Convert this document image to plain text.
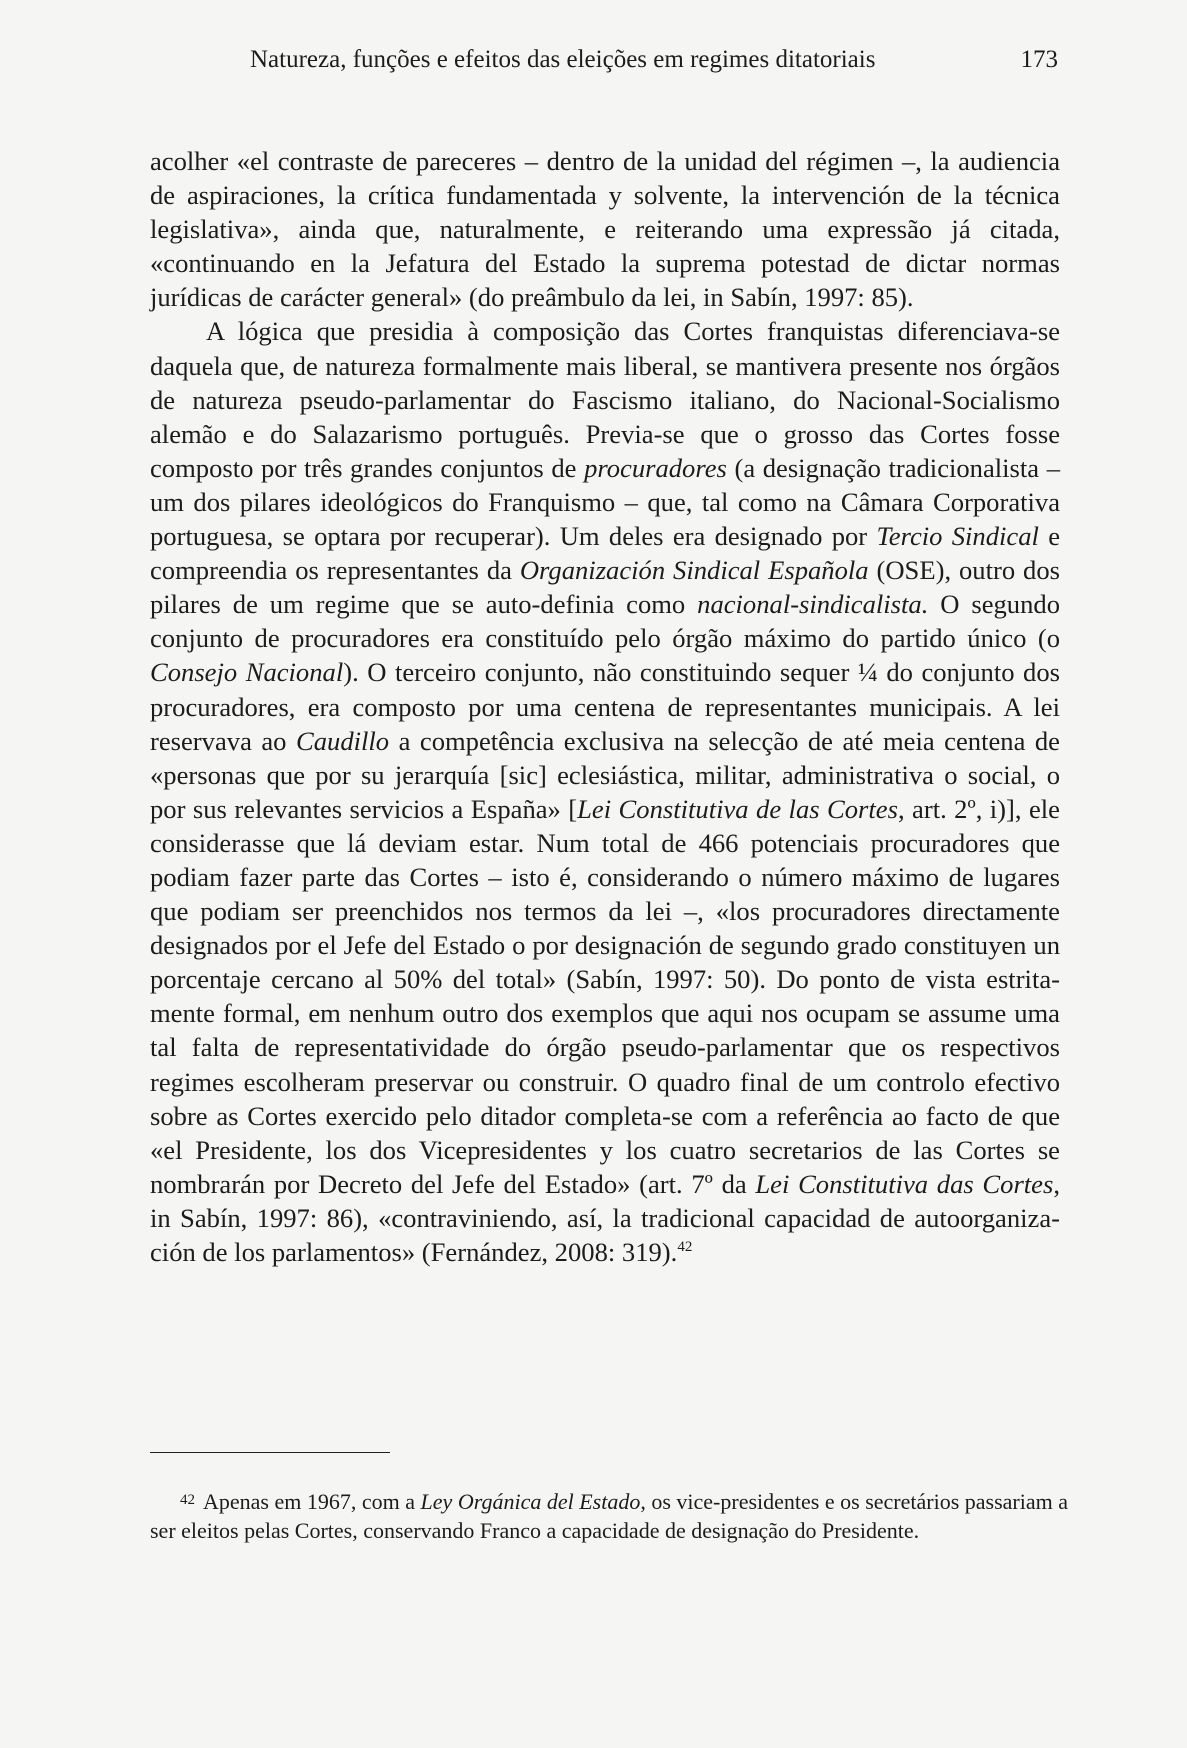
Natureza, funções e efeitos das eleições em regimes ditatoriais	173

acolher «el contraste de pareceres – dentro de la unidad del régimen –, la audiencia de aspiraciones, la crítica fundamentada y solvente, la intervención de la técnica legislativa», ainda que, naturalmente, e reiterando uma expressão já citada, «continuando en la Jefatura del Estado la suprema potestad de dictar normas jurídicas de carácter general» (do preâmbulo da lei, in Sabín, 1997: 85).

A lógica que presidia à composição das Cortes franquistas diferenciava-se daquela que, de natureza formalmente mais liberal, se mantivera presente nos órgãos de natureza pseudo-parlamentar do Fascismo italiano, do Nacional-Socialismo alemão e do Salazarismo português. Previa-se que o grosso das Cortes fosse composto por três grandes conjuntos de procuradores (a designação tradicionalista – um dos pilares ideológicos do Franquismo – que, tal como na Câmara Corporativa portuguesa, se optara por recuperar). Um deles era designado por Tercio Sindical e compreendia os representantes da Organización Sindical Española (OSE), outro dos pilares de um regime que se auto-definia como nacional-sindicalista. O segundo conjunto de procuradores era constituído pelo órgão máximo do partido único (o Consejo Nacional). O terceiro conjunto, não constituindo sequer ¼ do conjunto dos procuradores, era composto por uma centena de representantes municipais. A lei reservava ao Caudillo a competência exclusiva na selecção de até meia centena de «personas que por su jerarquía [sic] eclesiástica, militar, administrativa o social, o por sus relevantes servicios a España» [Lei Constitutiva de las Cortes, art. 2º, i)], ele considerasse que lá deviam estar. Num total de 466 potenciais procuradores que podiam fazer parte das Cortes – isto é, considerando o número máximo de lugares que podiam ser preenchidos nos termos da lei –, «los procuradores directamente designados por el Jefe del Estado o por designación de segundo grado constituyen un porcentaje cercano al 50% del total» (Sabín, 1997: 50). Do ponto de vista estritamente formal, em nenhum outro dos exemplos que aqui nos ocupam se assume uma tal falta de representatividade do órgão pseudo-parlamentar que os respectivos regimes escolheram preservar ou construir. O quadro final de um controlo efectivo sobre as Cortes exercido pelo ditador completa-se com a referência ao facto de que «el Presidente, los dos Vicepresidentes y los cuatro secretarios de las Cortes se nombrarán por Decreto del Jefe del Estado» (art. 7º da Lei Constitutiva das Cortes, in Sabín, 1997: 86), «contraviniendo, así, la tradicional capacidad de autoorganización de los parlamentos» (Fernández, 2008: 319).$^{42}$

$^{42}$ Apenas em 1967, com a Ley Orgánica del Estado, os vice-presidentes e os secretários passariam a ser eleitos pelas Cortes, conservando Franco a capacidade de designação do Presidente.
